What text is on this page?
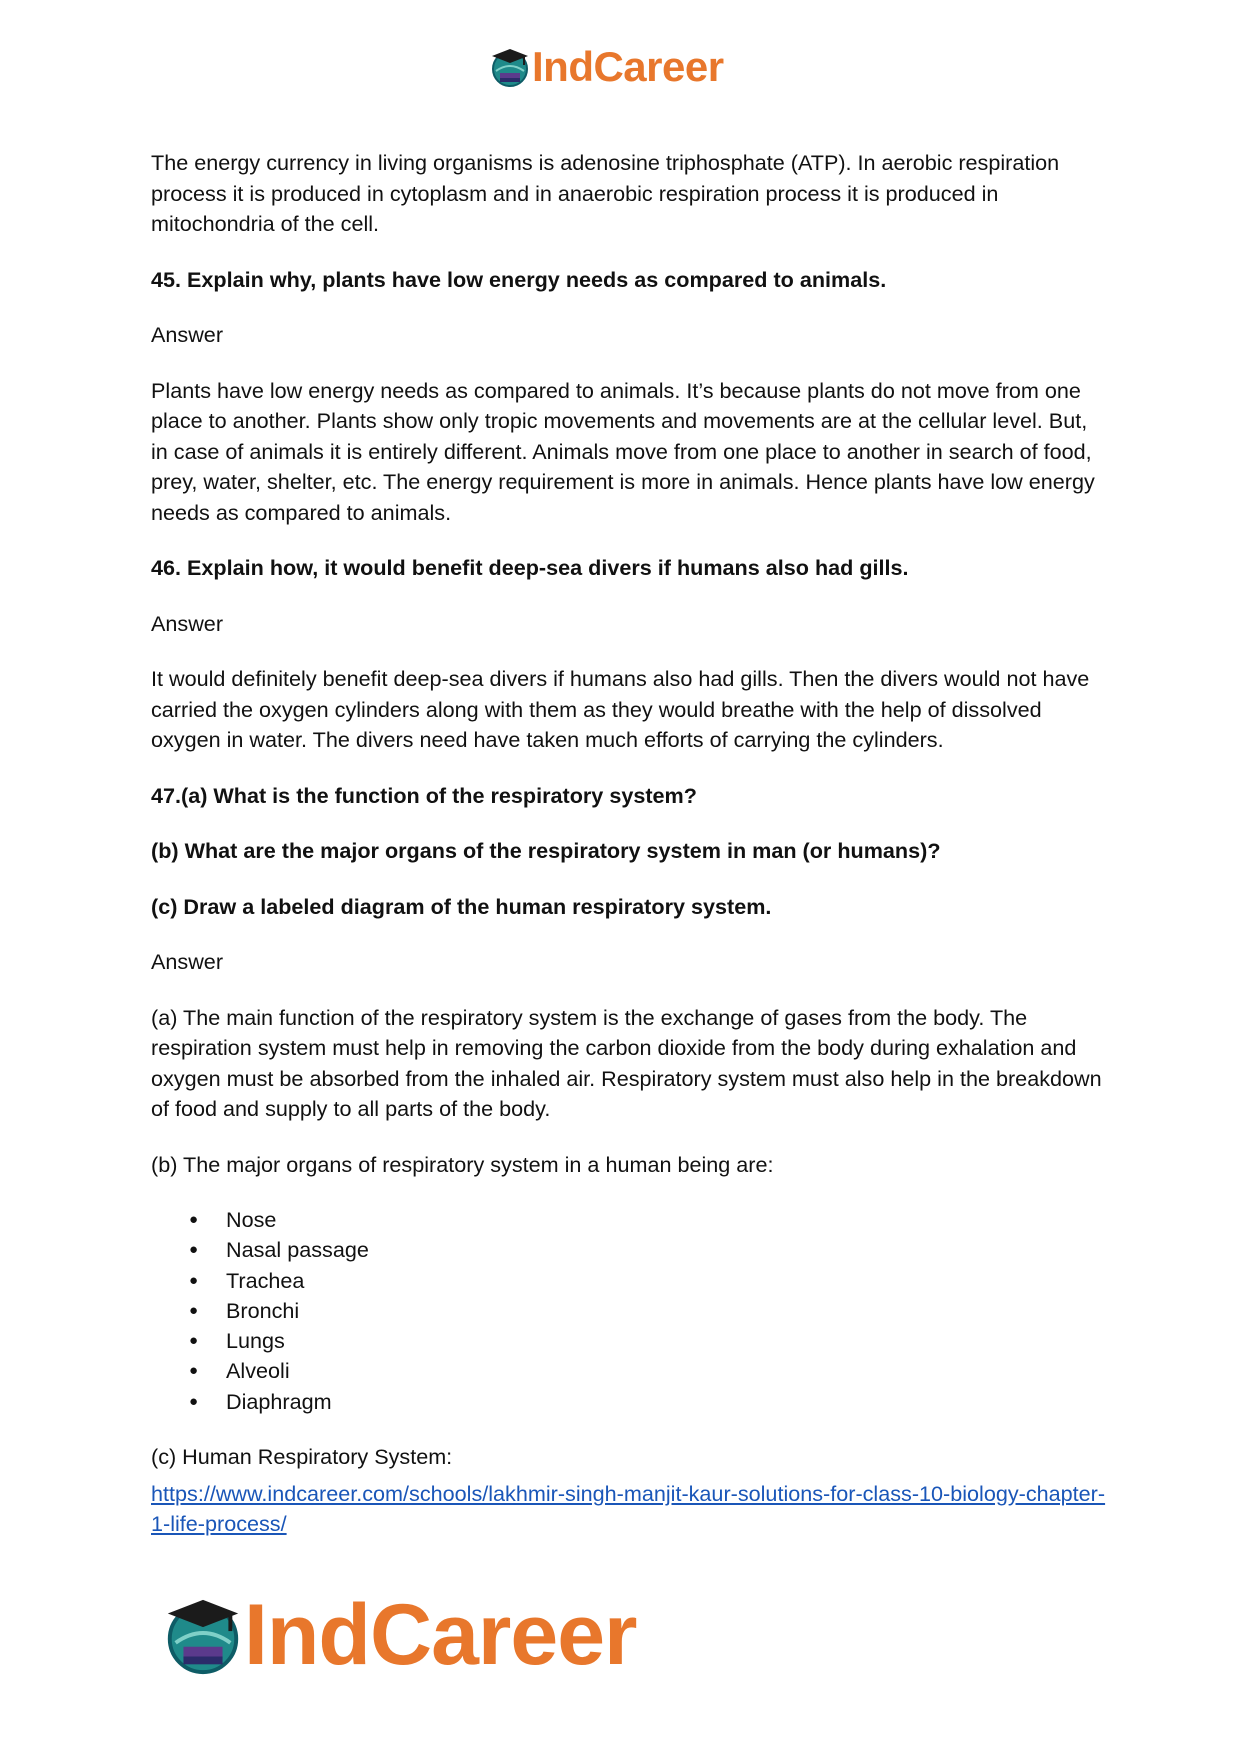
IndCareer

The energy currency in living organisms is adenosine triphosphate (ATP). In aerobic respiration process it is produced in cytoplasm and in anaerobic respiration process it is produced in mitochondria of the cell.

45. Explain why, plants have low energy needs as compared to animals.

Answer

Plants have low energy needs as compared to animals. It’s because plants do not move from one place to another. Plants show only tropic movements and movements are at the cellular level. But, in case of animals it is entirely different. Animals move from one place to another in search of food, prey, water, shelter, etc. The energy requirement is more in animals. Hence plants have low energy needs as compared to animals.

46. Explain how, it would benefit deep-sea divers if humans also had gills.

Answer

It would definitely benefit deep-sea divers if humans also had gills. Then the divers would not have carried the oxygen cylinders along with them as they would breathe with the help of dissolved oxygen in water. The divers need have taken much efforts of carrying the cylinders.

47.(a) What is the function of the respiratory system?

(b) What are the major organs of the respiratory system in man (or humans)?

(c) Draw a labeled diagram of the human respiratory system.

Answer

(a) The main function of the respiratory system is the exchange of gases from the body. The respiration system must help in removing the carbon dioxide from the body during exhalation and oxygen must be absorbed from the inhaled air. Respiratory system must also help in the breakdown of food and supply to all parts of the body.

(b) The major organs of respiratory system in a human being are:

● Nose
● Nasal passage
● Trachea
● Bronchi
● Lungs
● Alveoli
● Diaphragm

(c) Human Respiratory System:

https://www.indcareer.com/schools/lakhmir-singh-manjit-kaur-solutions-for-class-10-biology-chapter-1-life-process/
IndCareer
